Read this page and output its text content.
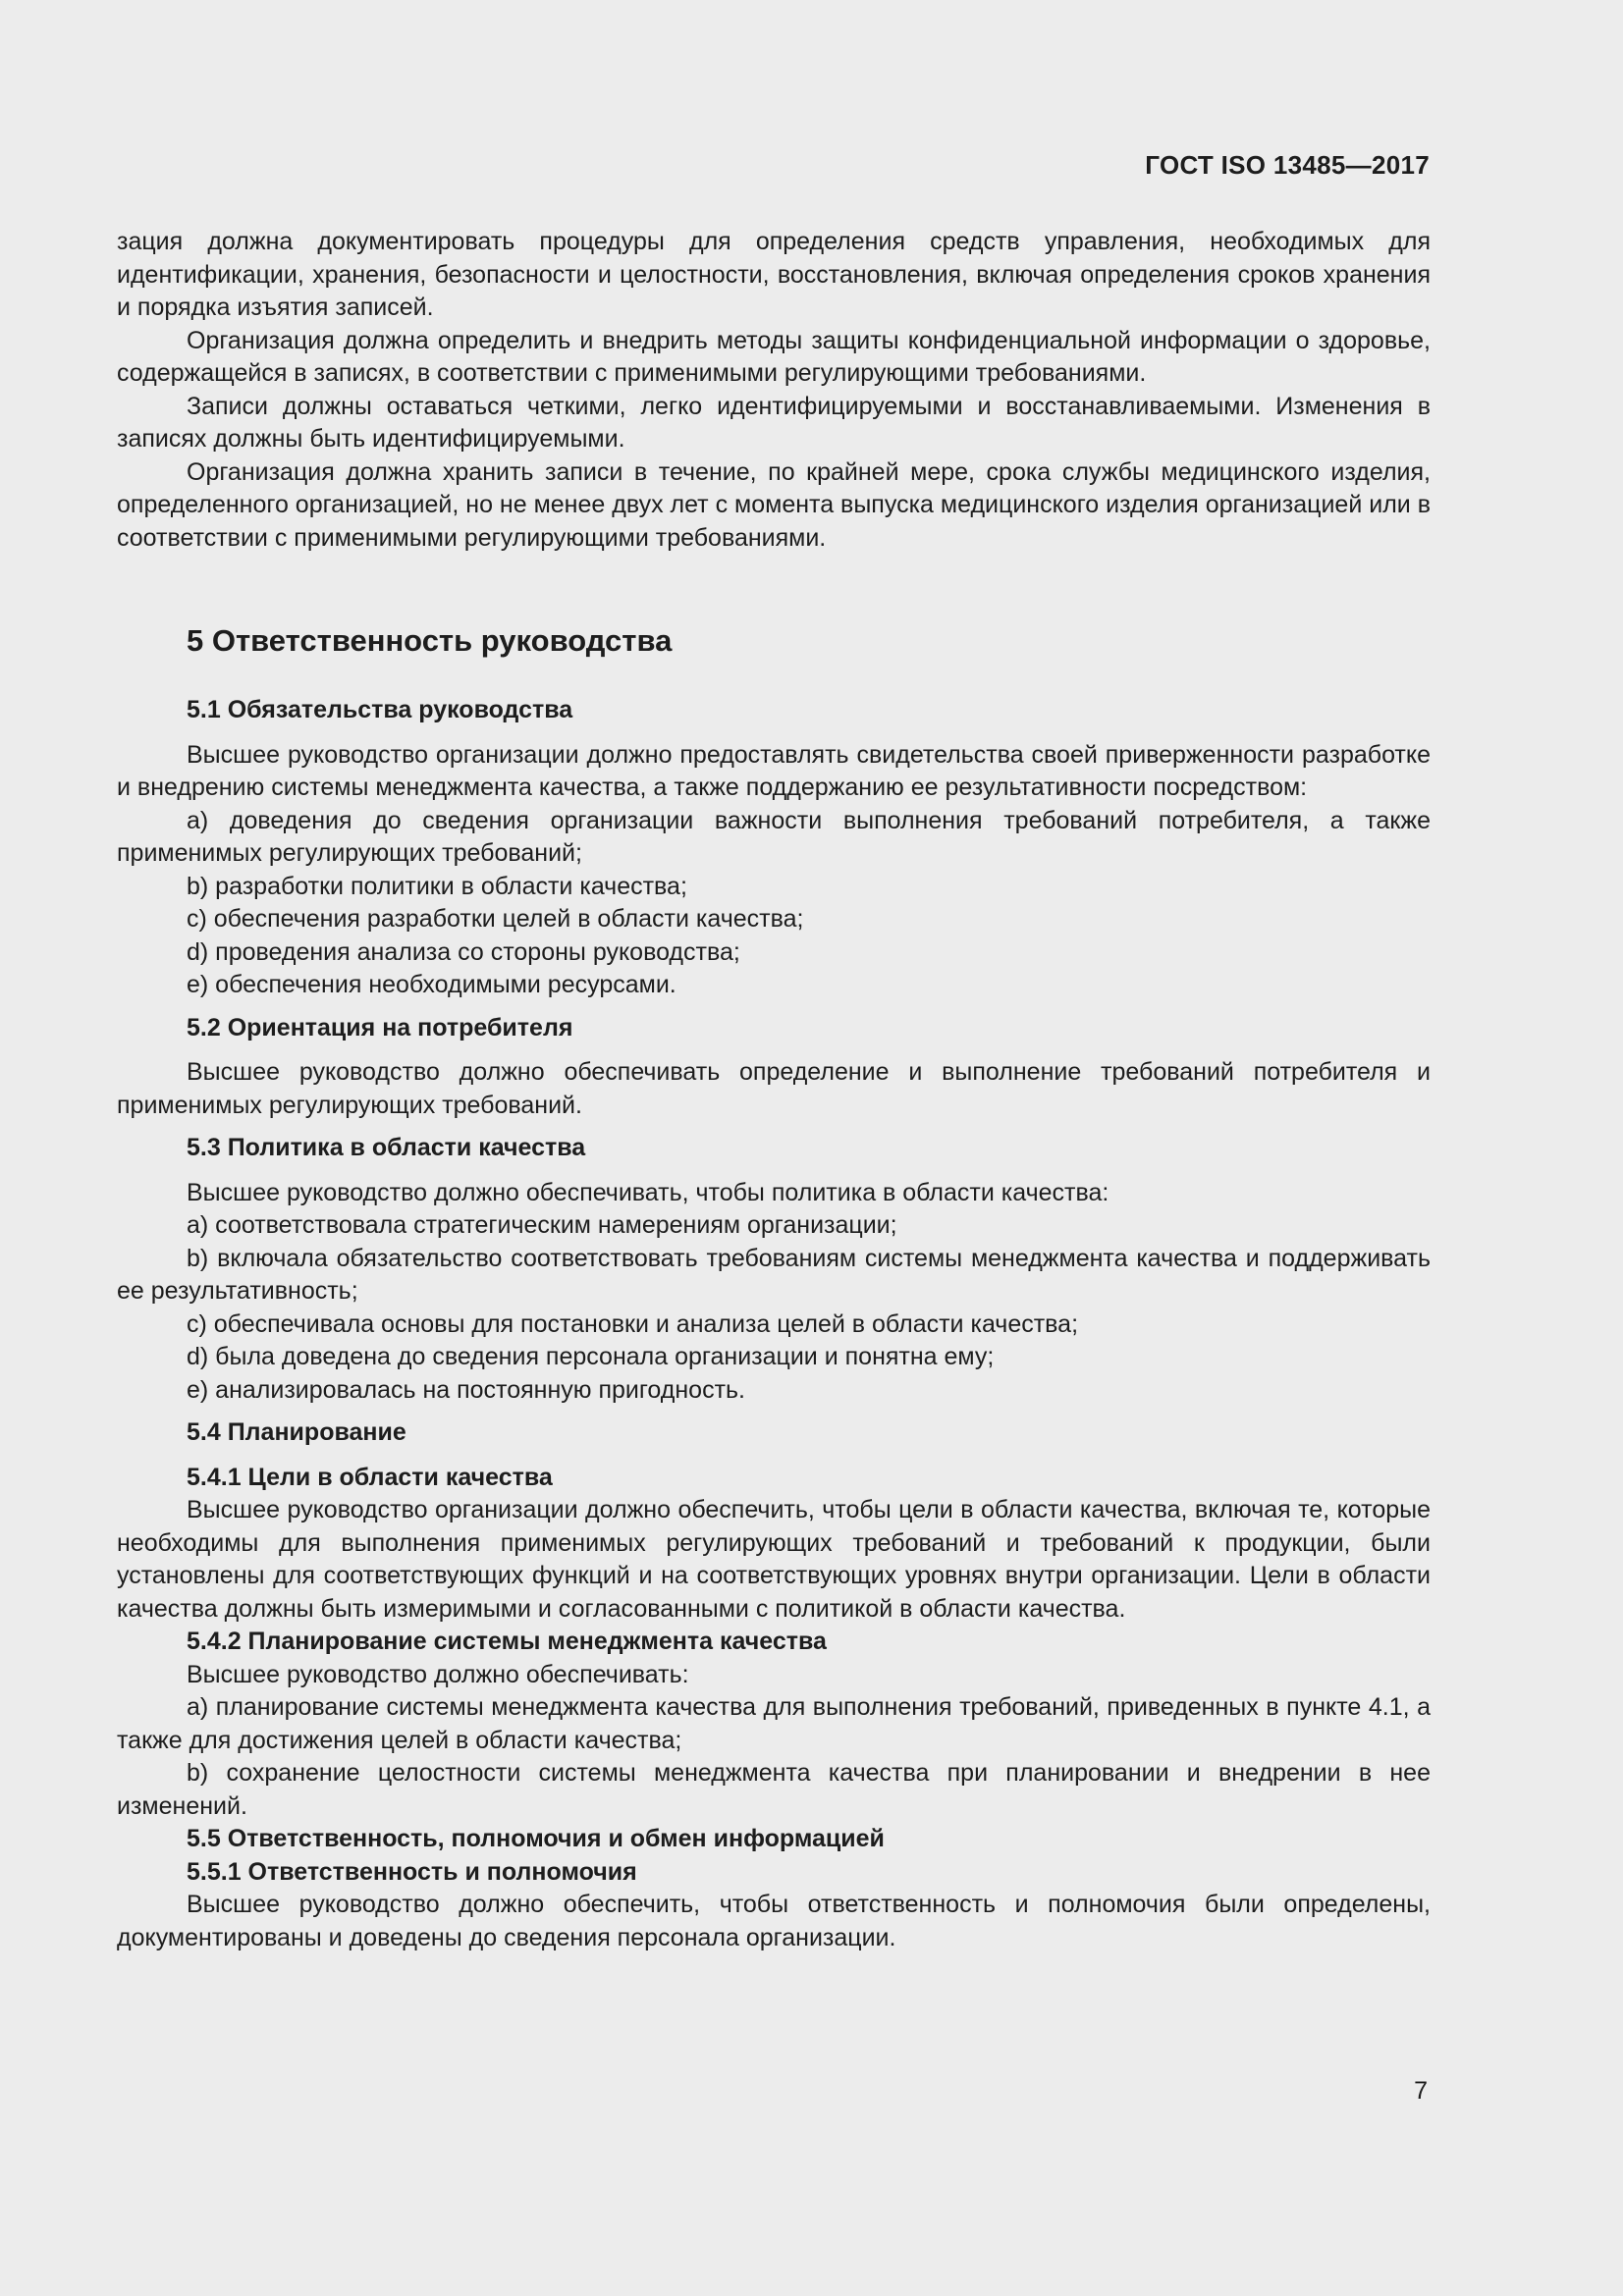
ГОСТ ISO 13485—2017

зация должна документировать процедуры для определения средств управления, необходимых для идентификации, хранения, безопасности и целостности, восстановления, включая определения сроков хранения и порядка изъятия записей.

Организация должна определить и внедрить методы защиты конфиденциальной информации о здоровье, содержащейся в записях, в соответствии с применимыми регулирующими требованиями.

Записи должны оставаться четкими, легко идентифицируемыми и восстанавливаемыми. Изменения в записях должны быть идентифицируемыми.

Организация должна хранить записи в течение, по крайней мере, срока службы медицинского изделия, определенного организацией, но не менее двух лет с момента выпуска медицинского изделия организацией или в соответствии с применимыми регулирующими требованиями.

5 Ответственность руководства
5.1 Обязательства руководства

Высшее руководство организации должно предоставлять свидетельства своей приверженности разработке и внедрению системы менеджмента качества, а также поддержанию ее результативности посредством:

a) доведения до сведения организации важности выполнения требований потребителя, а также применимых регулирующих требований;

b) разработки политики в области качества;

c) обеспечения разработки целей в области качества;

d) проведения анализа со стороны руководства;

e) обеспечения необходимыми ресурсами.

5.2 Ориентация на потребителя

Высшее руководство должно обеспечивать определение и выполнение требований потребителя и применимых регулирующих требований.

5.3 Политика в области качества

Высшее руководство должно обеспечивать, чтобы политика в области качества:

a) соответствовала стратегическим намерениям организации;

b) включала обязательство соответствовать требованиям системы менеджмента качества и поддерживать ее результативность;

c) обеспечивала основы для постановки и анализа целей в области качества;

d) была доведена до сведения персонала организации и понятна ему;

e) анализировалась на постоянную пригодность.

5.4 Планирование
5.4.1 Цели в области качества

Высшее руководство организации должно обеспечить, чтобы цели в области качества, включая те, которые необходимы для выполнения применимых регулирующих требований и требований к продукции, были установлены для соответствующих функций и на соответствующих уровнях внутри организации. Цели в области качества должны быть измеримыми и согласованными с политикой в области качества.

5.4.2 Планирование системы менеджмента качества

Высшее руководство должно обеспечивать:

a) планирование системы менеджмента качества для выполнения требований, приведенных в пункте 4.1, а также для достижения целей в области качества;

b) сохранение целостности системы менеджмента качества при планировании и внедрении в нее изменений.

5.5 Ответственность, полномочия и обмен информацией
5.5.1 Ответственность и полномочия

Высшее руководство должно обеспечить, чтобы ответственность и полномочия были определены, документированы и доведены до сведения персонала организации.

7
